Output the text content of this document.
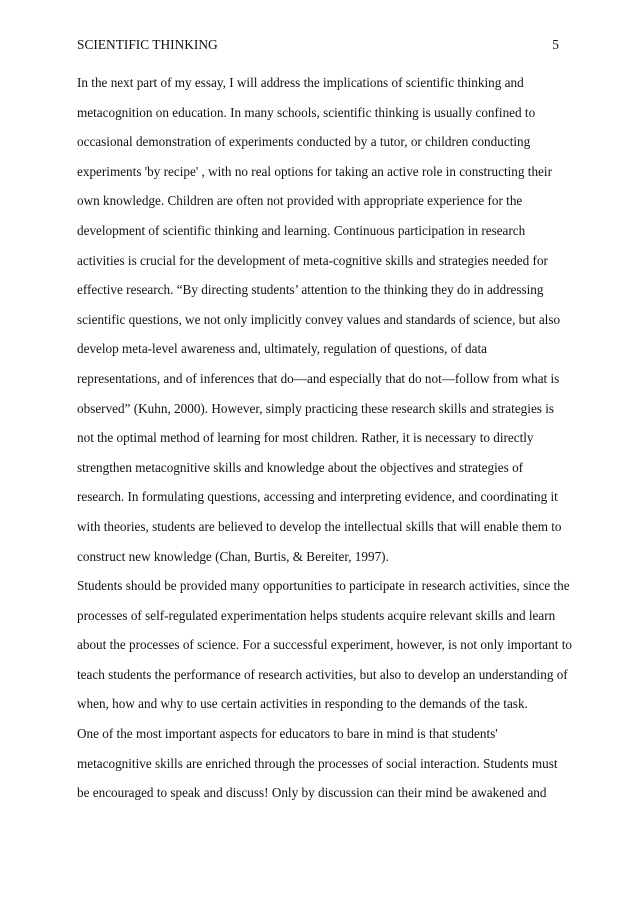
SCIENTIFIC THINKING	5
In the next part of my essay, I will address the implications of scientific thinking and
metacognition on education. In many schools, scientific thinking is usually confined to
occasional demonstration of experiments conducted by a tutor, or children conducting
experiments 'by recipe' , with no real options for taking an active role in constructing their
own knowledge. Children are often not provided with appropriate experience for the
development of scientific thinking and learning. Continuous participation in research
activities is crucial for the development of meta-cognitive skills and strategies needed for
effective research. “By directing students’ attention to the thinking they do in addressing
scientific questions, we not only implicitly convey values and standards of science, but also
develop meta-level awareness and, ultimately, regulation of questions, of data
representations, and of inferences that do—and especially that do not—follow from what is
observed” (Kuhn, 2000). However, simply practicing these research skills and strategies is
not the optimal method of learning for most children. Rather, it is necessary to directly
strengthen metacognitive skills and knowledge about the objectives and strategies of
research. In formulating questions, accessing and interpreting evidence, and coordinating it
with theories, students are believed to develop the intellectual skills that will enable them to
construct new knowledge (Chan, Burtis, & Bereiter, 1997).
Students should be provided many opportunities to participate in research activities, since the
processes of self-regulated experimentation helps students acquire relevant skills and learn
about the processes of science. For a successful experiment, however, is not only important to
teach students the performance of research activities, but also to develop an understanding of
when, how and why to use certain activities in responding to the demands of the task.
One of the most important aspects for educators to bare in mind is that students'
metacognitive skills are enriched through the processes of social interaction. Students must
be encouraged to speak and discuss! Only by discussion can their mind be awakened and
